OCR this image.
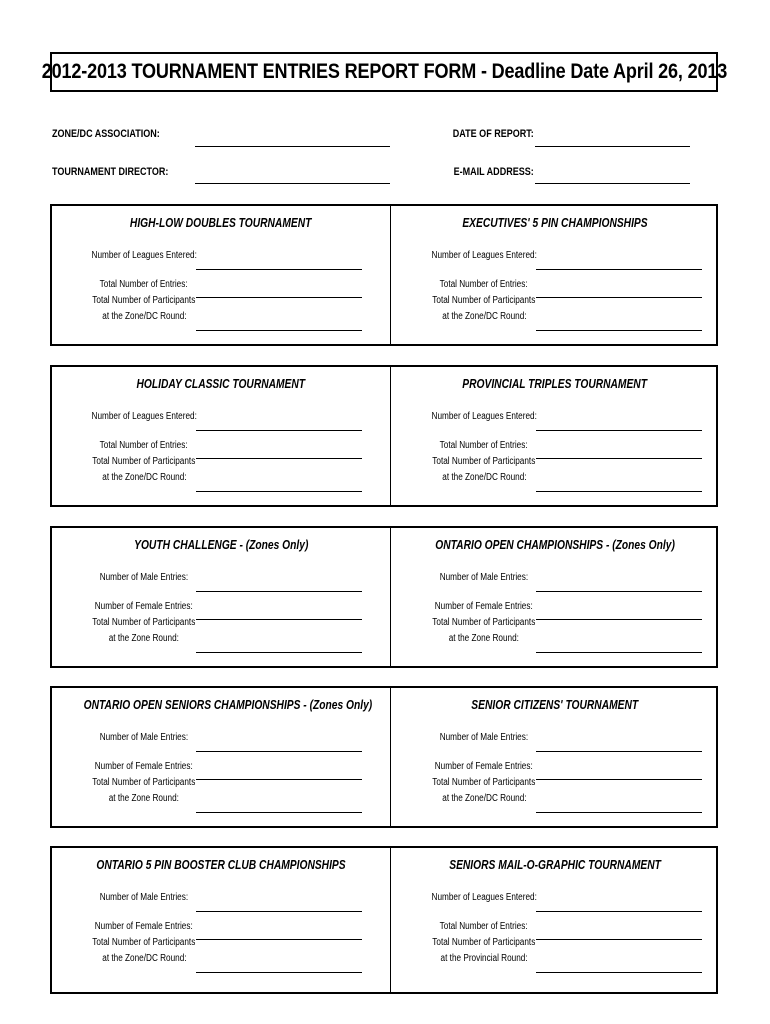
2012-2013 TOURNAMENT ENTRIES REPORT FORM - Deadline Date April 26, 2013
ZONE/DC ASSOCIATION:	DATE OF REPORT:
TOURNAMENT DIRECTOR:	E-MAIL ADDRESS:
HIGH-LOW DOUBLES TOURNAMENT
Number of Leagues Entered:
Total Number of Entries:
Total Number of Participants
at the Zone/DC Round:
EXECUTIVES' 5 PIN CHAMPIONSHIPS
Number of Leagues Entered:
Total Number of Entries:
Total Number of Participants
at the Zone/DC Round:
HOLIDAY CLASSIC TOURNAMENT
Number of Leagues Entered:
Total Number of Entries:
Total Number of Participants
at the Zone/DC Round:
PROVINCIAL TRIPLES TOURNAMENT
Number of Leagues Entered:
Total Number of Entries:
Total Number of Participants
at the Zone/DC Round:
YOUTH CHALLENGE - (Zones Only)
Number of Male Entries:
Number of Female Entries:
Total Number of Participants
at the Zone Round:
ONTARIO OPEN CHAMPIONSHIPS - (Zones Only)
Number of Male Entries:
Number of Female Entries:
Total Number of Participants
at the Zone Round:
ONTARIO OPEN SENIORS CHAMPIONSHIPS - (Zones Only)
Number of Male Entries:
Number of Female Entries:
Total Number of Participants
at the Zone Round:
SENIOR CITIZENS' TOURNAMENT
Number of Male Entries:
Number of Female Entries:
Total Number of Participants
at the Zone/DC Round:
ONTARIO 5 PIN BOOSTER CLUB CHAMPIONSHIPS
Number of Male Entries:
Number of Female Entries:
Total Number of Participants
at the Zone/DC Round:
SENIORS MAIL-O-GRAPHIC TOURNAMENT
Number of Leagues Entered:
Total Number of Entries:
Total Number of Participants
at the Provincial Round:
